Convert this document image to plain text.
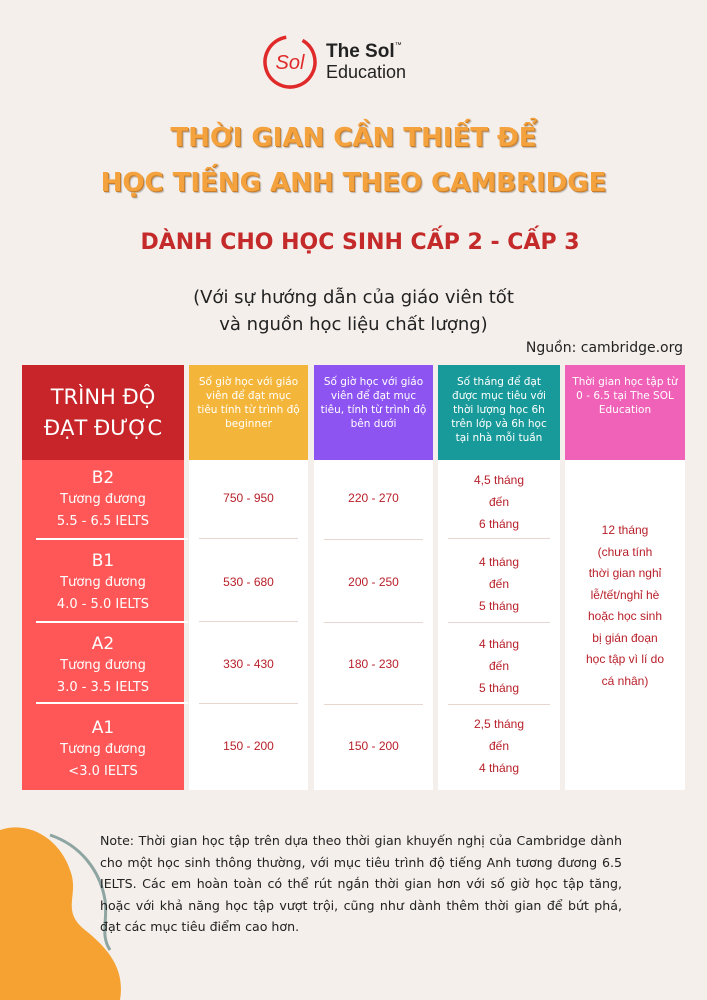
Sol
The Sol™
Education
THỜI GIAN CẦN THIẾT ĐỂ
HỌC TIẾNG ANH THEO CAMBRIDGE
DÀNH CHO HỌC SINH CẤP 2 - CẤP 3
(Với sự hướng dẫn của giáo viên tốt
và nguồn học liệu chất lượng)
Nguồn: cambridge.org
TRÌNH ĐỘ
ĐẠT ĐƯỢC
B2
Tương đương
5.5 - 6.5 IELTS
B1
Tương đương
4.0 - 5.0 IELTS
A2
Tương đương
3.0 - 3.5 IELTS
A1
Tương đương
<3.0 IELTS
Số giờ học với giáo viên để đạt mục tiêu tính từ trình độ beginner
750 - 950
530 - 680
330 - 430
150 - 200
Số giờ học với giáo viên để đạt mục tiêu, tính từ trình độ bên dưới
220 - 270
200 - 250
180 - 230
150 - 200
Số tháng để đạt được mục tiêu với thời lượng học 6h trên lớp và 6h học tại nhà mỗi tuần
4,5 tháng
đến
6 tháng
4 tháng
đến
5 tháng
4 tháng
đến
5 tháng
2,5 tháng
đến
4 tháng
Thời gian học tập từ 0 - 6.5 tại The SOL Education
12 tháng
(chưa tính
thời gian nghỉ
lễ/tết/nghỉ hè
hoặc học sinh
bị gián đoạn
học tập vì lí do
cá nhân)
Note: Thời gian học tập trên dựa theo thời gian khuyến nghị của Cambridge dành cho một học sinh thông thường, với mục tiêu trình độ tiếng Anh tương đương 6.5 IELTS. Các em hoàn toàn có thể rút ngắn thời gian hơn với số giờ học tập tăng, hoặc với khả năng học tập vượt trội, cũng như dành thêm thời gian để bứt phá, đạt các mục tiêu điểm cao hơn.
